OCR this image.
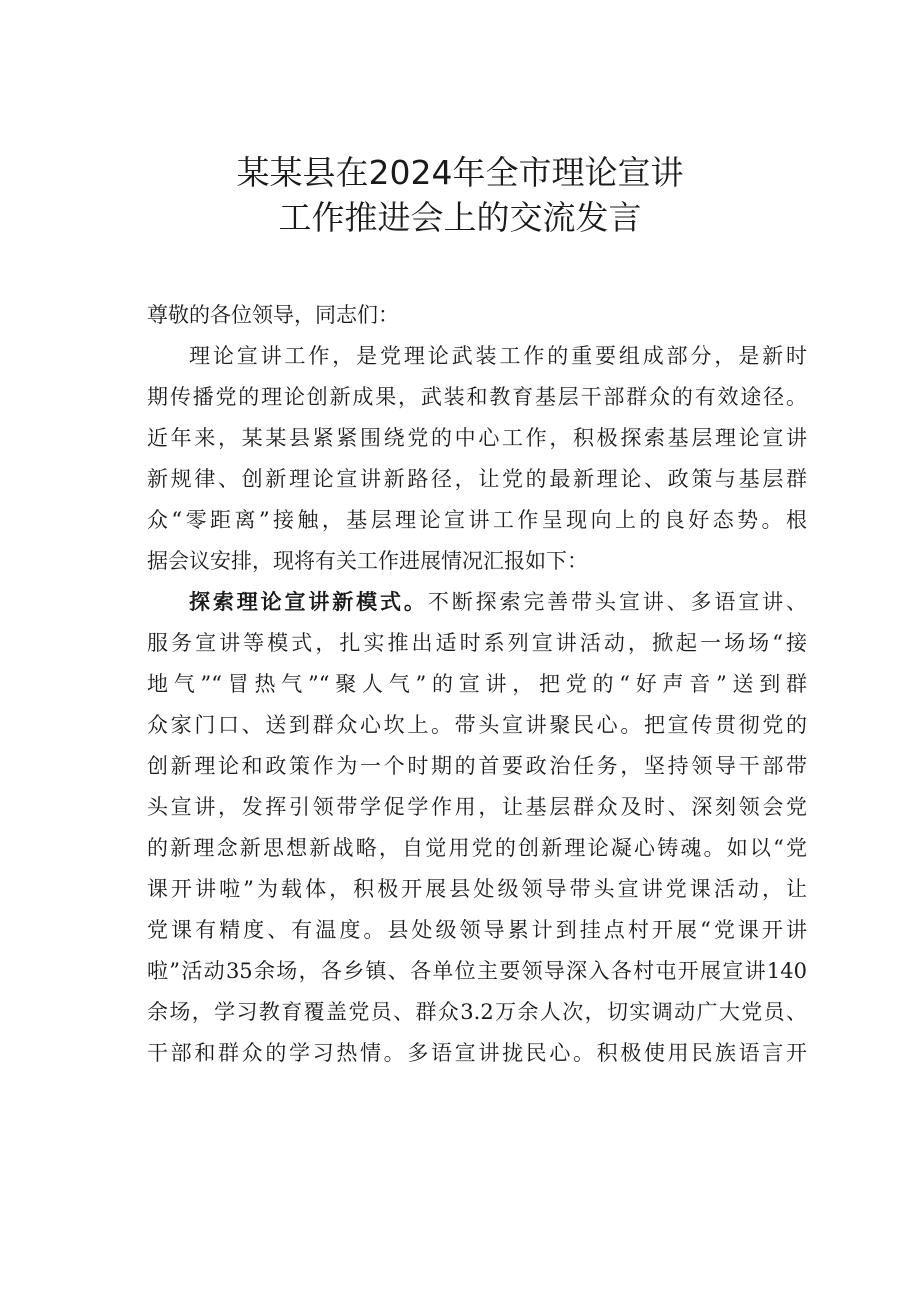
某某县在2024年全市理论宣讲
工作推进会上的交流发言
尊敬的各位领导，同志们：
理论宣讲工作，是党理论武装工作的重要组成部分，是新时
期传播党的理论创新成果，武装和教育基层干部群众的有效途径。
近年来，某某县紧紧围绕党的中心工作，积极探索基层理论宣讲
新规律、创新理论宣讲新路径，让党的最新理论、政策与基层群
众“零距离”接触，基层理论宣讲工作呈现向上的良好态势。根
据会议安排，现将有关工作进展情况汇报如下：
探索理论宣讲新模式。不断探索完善带头宣讲、多语宣讲、
服务宣讲等模式，扎实推出适时系列宣讲活动，掀起一场场“接
地气”“冒热气”“聚人气”的宣讲，把党的“好声音”送到群
众家门口、送到群众心坎上。带头宣讲聚民心。把宣传贯彻党的
创新理论和政策作为一个时期的首要政治任务，坚持领导干部带
头宣讲，发挥引领带学促学作用，让基层群众及时、深刻领会党
的新理念新思想新战略，自觉用党的创新理论凝心铸魂。如以“党
课开讲啦”为载体，积极开展县处级领导带头宣讲党课活动，让
党课有精度、有温度。县处级领导累计到挂点村开展“党课开讲
啦”活动35余场，各乡镇、各单位主要领导深入各村屯开展宣讲140
余场，学习教育覆盖党员、群众3.2万余人次，切实调动广大党员、
干部和群众的学习热情。多语宣讲拢民心。积极使用民族语言开
